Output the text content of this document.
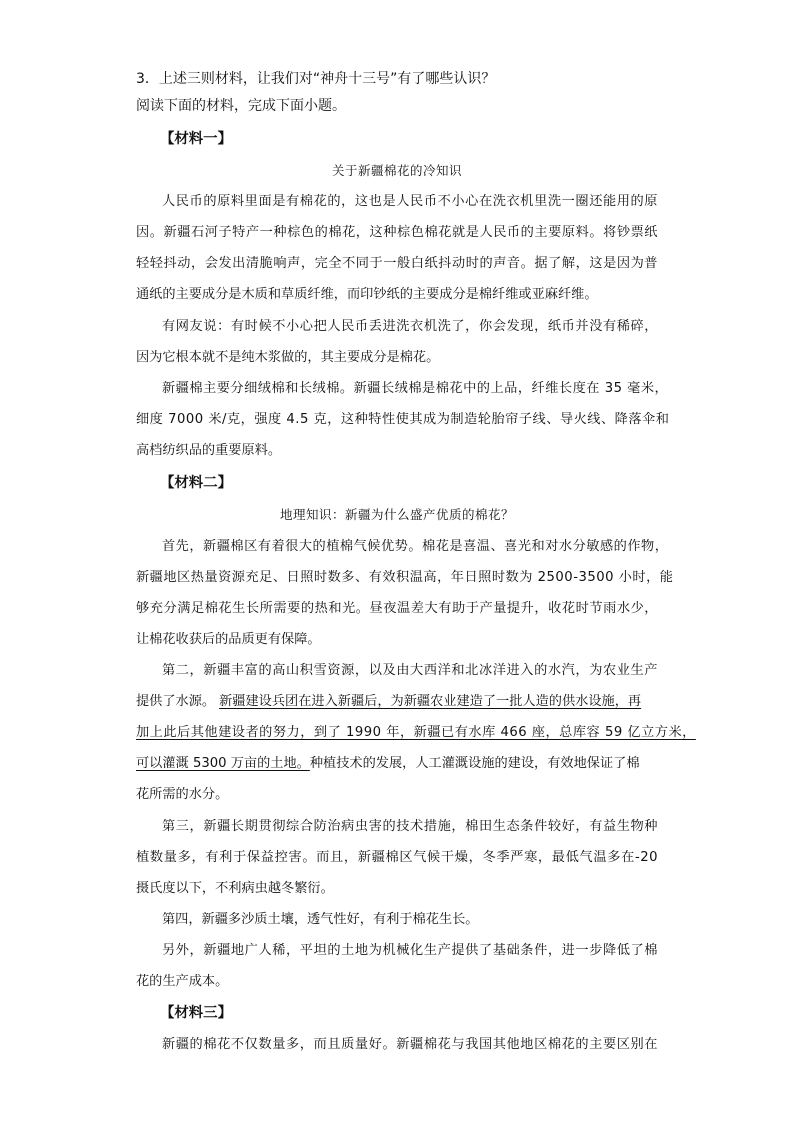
3．上述三则材料，让我们对“神舟十三号”有了哪些认识？
阅读下面的材料，完成下面小题。
【材料一】
关于新疆棉花的冷知识
人民币的原料里面是有棉花的，这也是人民币不小心在洗衣机里洗一圈还能用的原
因。新疆石河子特产一种棕色的棉花，这种棕色棉花就是人民币的主要原料。将钞票纸
轻轻抖动，会发出清脆响声，完全不同于一般白纸抖动时的声音。据了解，这是因为普
通纸的主要成分是木质和草质纤维，而印钞纸的主要成分是棉纤维或亚麻纤维。
有网友说：有时候不小心把人民币丢进洗衣机洗了，你会发现，纸币并没有稀碎，
因为它根本就不是纯木浆做的，其主要成分是棉花。
新疆棉主要分细绒棉和长绒棉。新疆长绒棉是棉花中的上品，纤维长度在 35 毫米，
细度 7000 米/克，强度 4.5 克，这种特性使其成为制造轮胎帘子线、导火线、降落伞和
高档纺织品的重要原料。
【材料二】
地理知识：新疆为什么盛产优质的棉花？
首先，新疆棉区有着很大的植棉气候优势。棉花是喜温、喜光和对水分敏感的作物，
新疆地区热量资源充足、日照时数多、有效积温高，年日照时数为 2500-3500 小时，能
够充分满足棉花生长所需要的热和光。昼夜温差大有助于产量提升，收花时节雨水少，
让棉花收获后的品质更有保障。
第二，新疆丰富的高山积雪资源，以及由大西洋和北冰洋进入的水汽，为农业生产
提供了水源。 新疆建设兵团在进入新疆后，为新疆农业建造了一批人造的供水设施，再
加上此后其他建设者的努力，到了 1990 年，新疆已有水库 466 座，总库容 59 亿立方米，
可以灌溉 5300 万亩的土地。种植技术的发展，人工灌溉设施的建设，有效地保证了棉
花所需的水分。
第三，新疆长期贯彻综合防治病虫害的技术措施，棉田生态条件较好，有益生物种
植数量多，有利于保益控害。而且，新疆棉区气候干燥，冬季严寒，最低气温多在-20
摄氏度以下，不利病虫越冬繁衍。
第四，新疆多沙质土壤，透气性好，有利于棉花生长。
另外，新疆地广人稀，平坦的土地为机械化生产提供了基础条件，进一步降低了棉
花的生产成本。
【材料三】
新疆的棉花不仅数量多，而且质量好。新疆棉花与我国其他地区棉花的主要区别在
